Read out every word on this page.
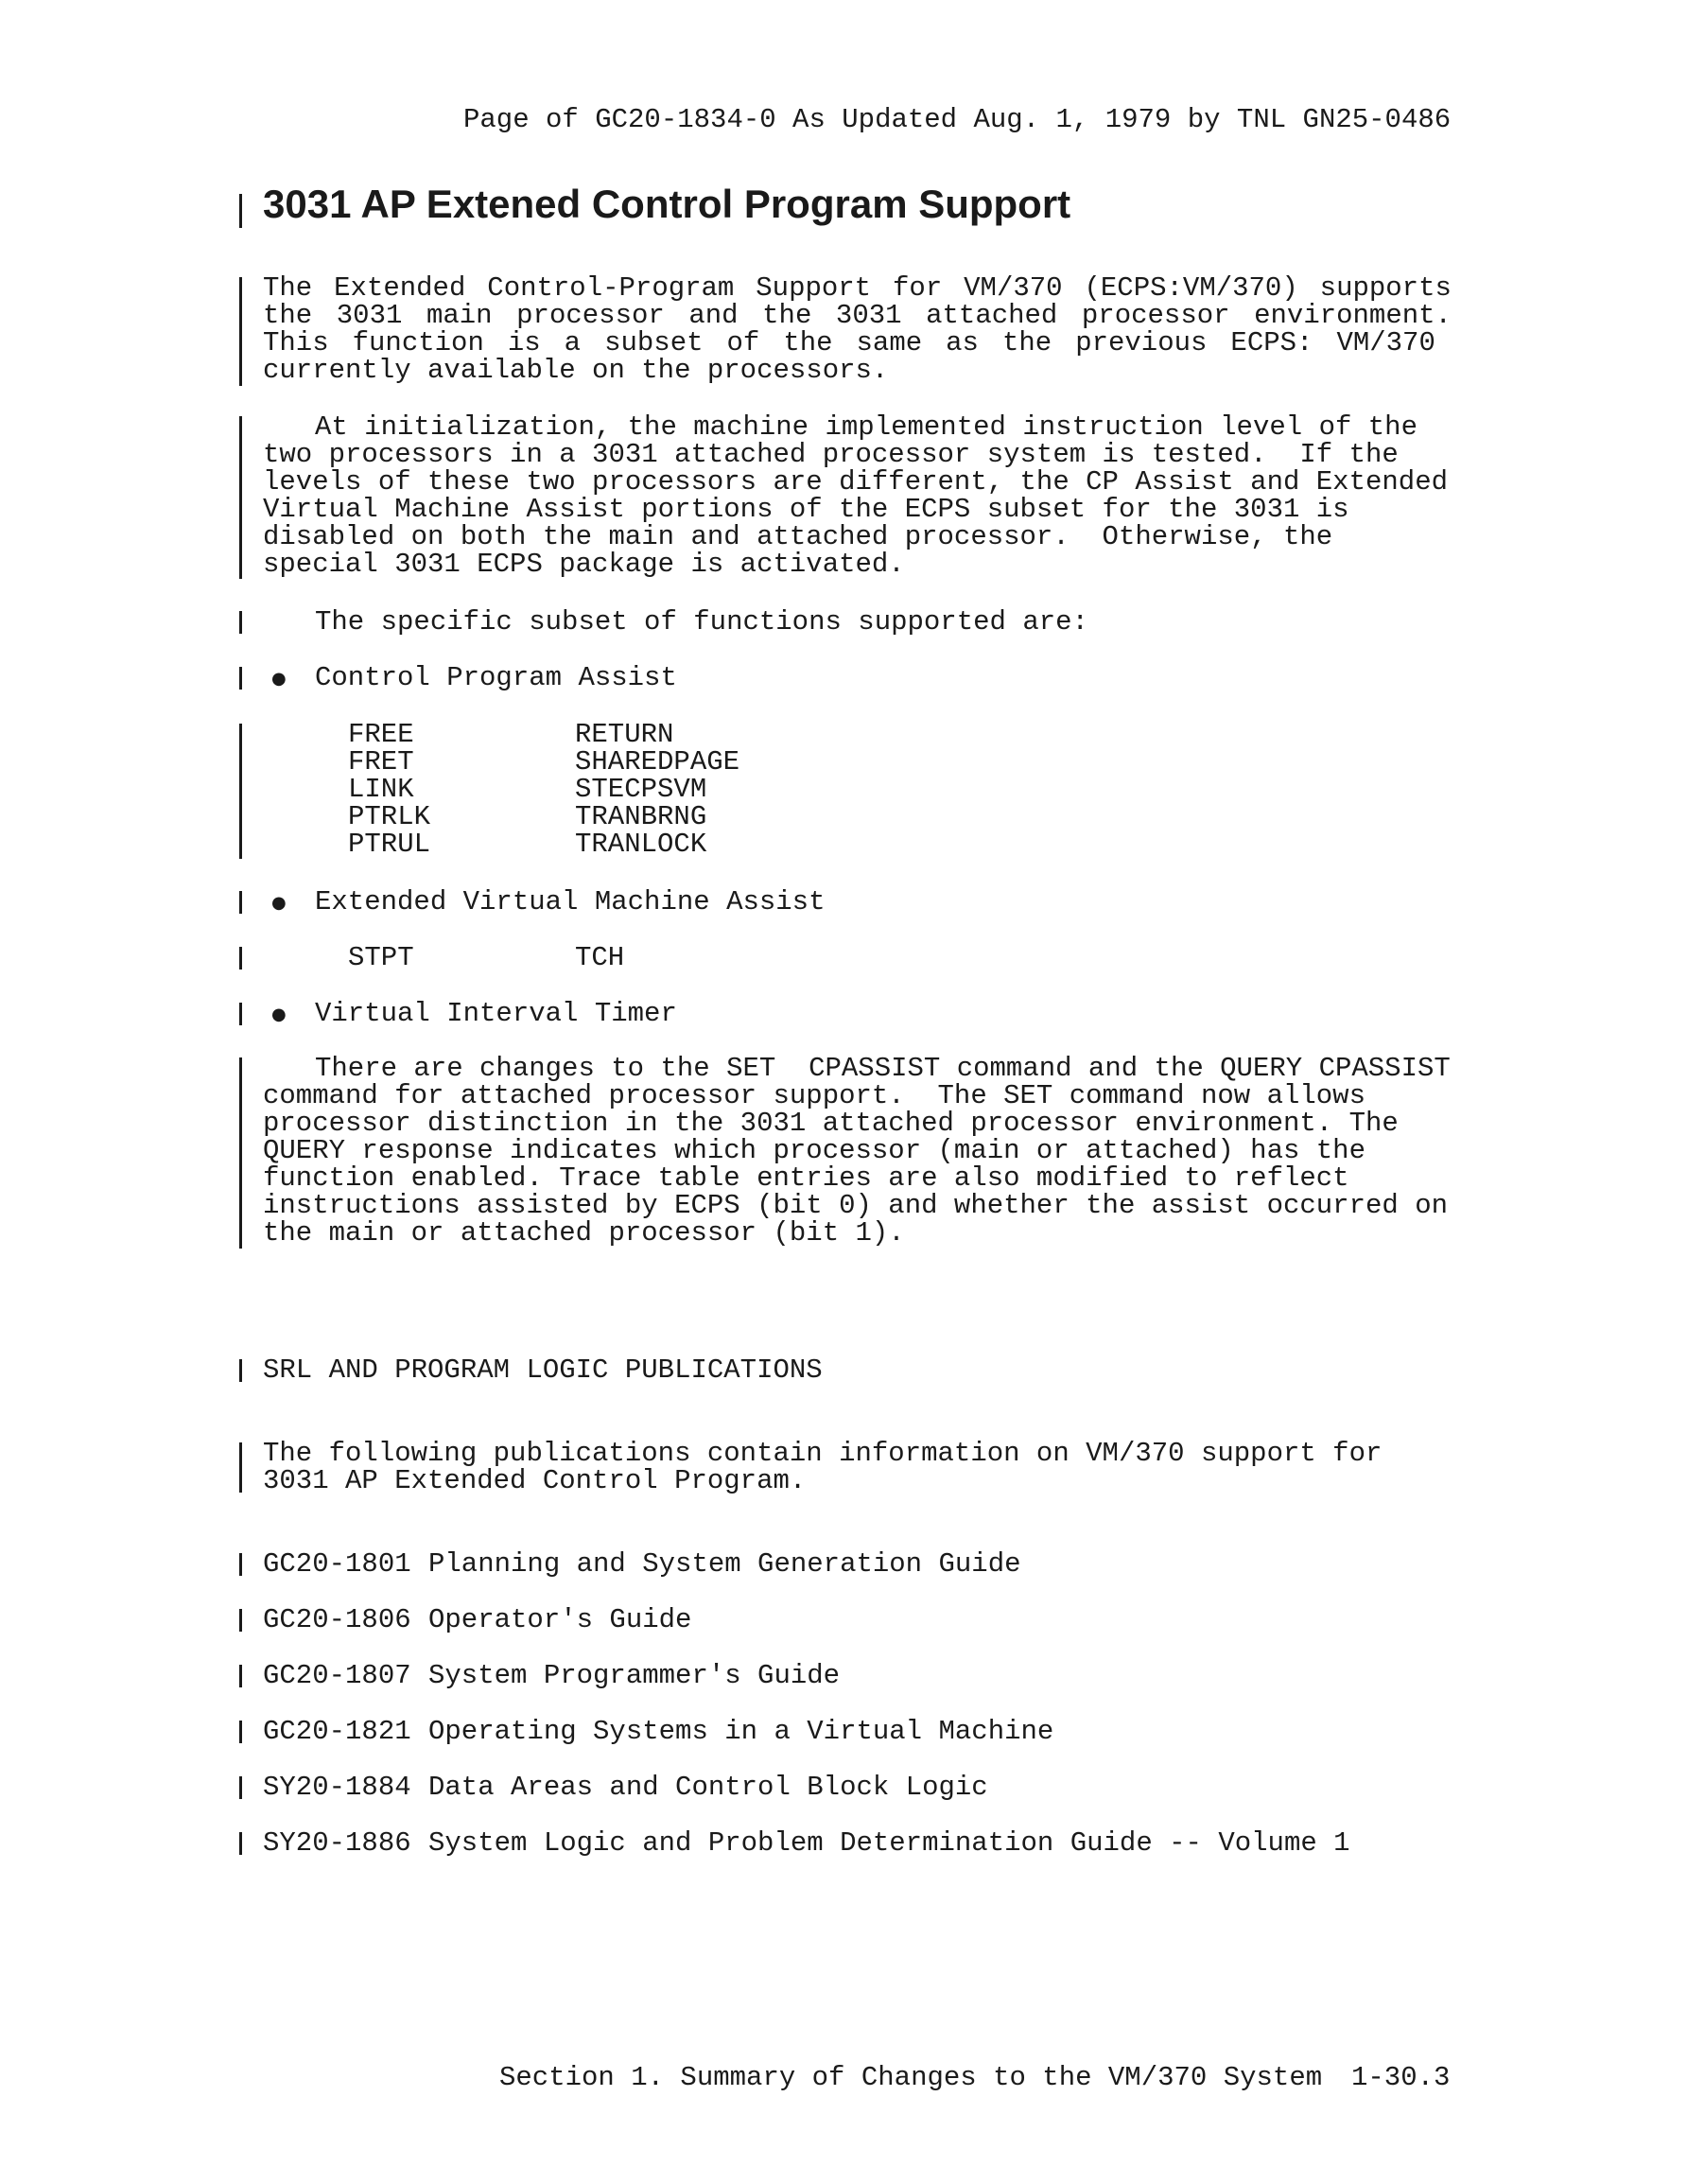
Page of GC20-1834-0 As Updated Aug. 1, 1979 by TNL GN25-0486
3031 AP Extened Control Program Support
The Extended Control-Program Support for VM/370 (ECPS:VM/370) supports
the 3031 main processor and the 3031 attached processor environment.
This function is a subset of the same as the previous ECPS: VM/370
currently available on the processors.
At initialization, the machine implemented instruction level of the
two processors in a 3031 attached processor system is tested.  If the
levels of these two processors are different, the CP Assist and Extended
Virtual Machine Assist portions of the ECPS subset for the 3031 is
disabled on both the main and attached processor.  Otherwise, the
special 3031 ECPS package is activated.
The specific subset of functions supported are:
● Control Program Assist
FREE	RETURN
FRET	SHAREDPAGE
LINK	STECPSVM
PTRLK	TRANBRNG
PTRUL	TRANLOCK
● Extended Virtual Machine Assist
STPT	TCH
● Virtual Interval Timer
There are changes to the SET  CPASSIST command and the QUERY CPASSIST
command for attached processor support.  The SET command now allows
processor distinction in the 3031 attached processor environment. The
QUERY response indicates which processor (main or attached) has the
function enabled. Trace table entries are also modified to reflect
instructions assisted by ECPS (bit 0) and whether the assist occurred on
the main or attached processor (bit 1).
SRL AND PROGRAM LOGIC PUBLICATIONS
The following publications contain information on VM/370 support for
3031 AP Extended Control Program.
GC20-1801 Planning and System Generation Guide
GC20-1806 Operator's Guide
GC20-1807 System Programmer's Guide
GC20-1821 Operating Systems in a Virtual Machine
SY20-1884 Data Areas and Control Block Logic
SY20-1886 System Logic and Problem Determination Guide -- Volume 1
Section 1. Summary of Changes to the VM/370 System 1-30.3
